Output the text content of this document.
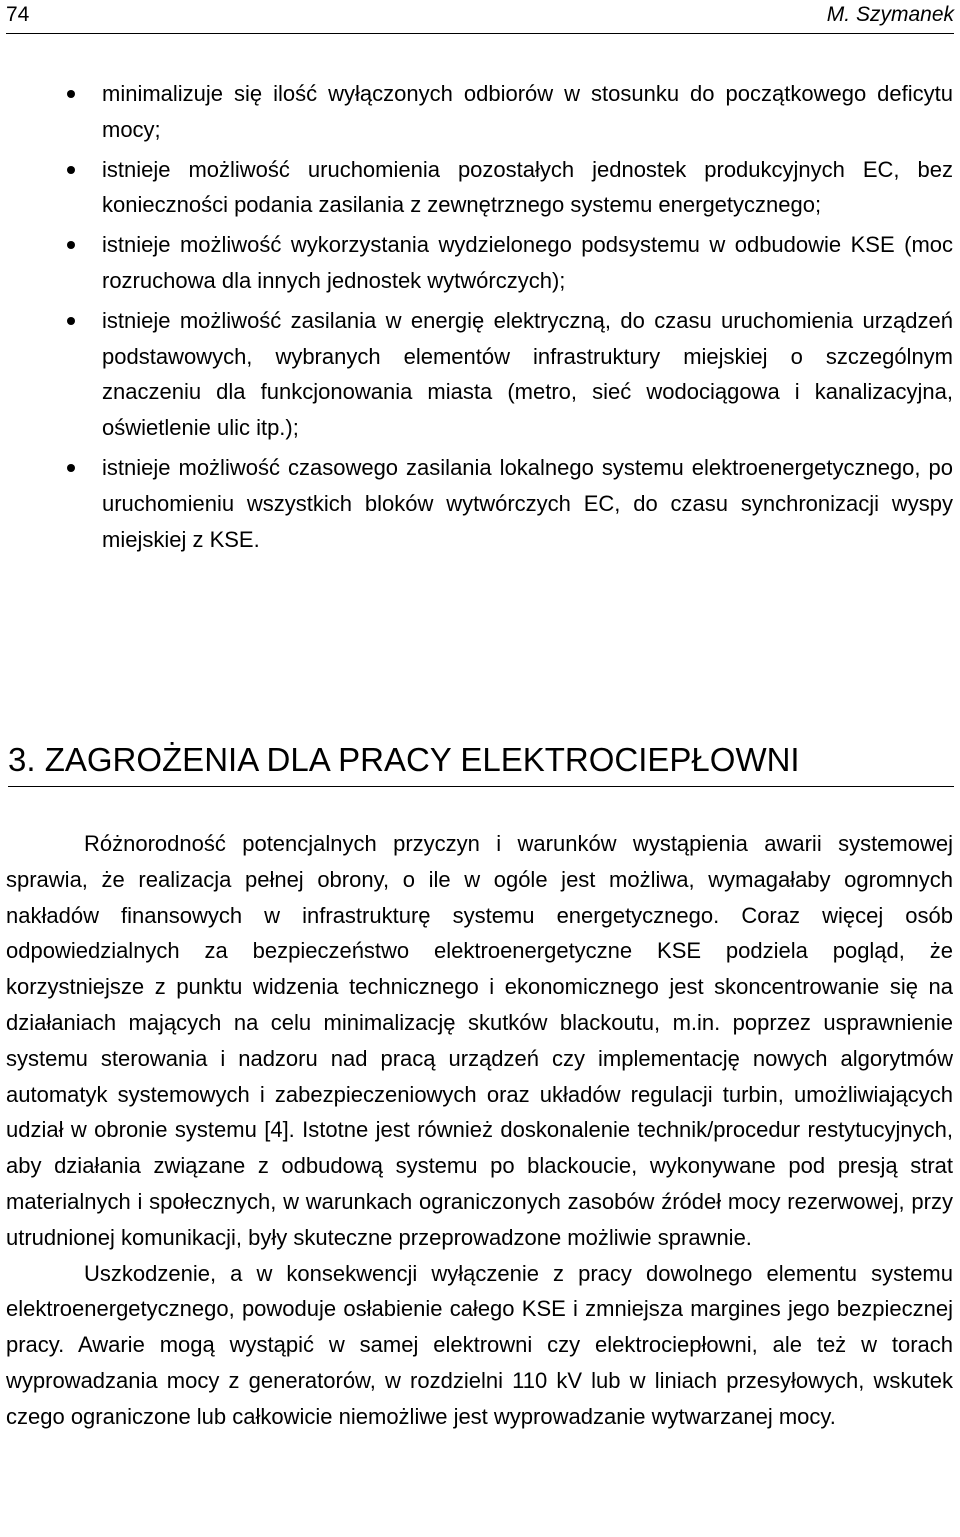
74	M. Szymanek
minimalizuje się ilość wyłączonych odbiorów w stosunku do początkowego deficytu mocy;
istnieje możliwość uruchomienia pozostałych jednostek produkcyjnych EC, bez konieczności podania zasilania z zewnętrznego systemu energetycznego;
istnieje możliwość wykorzystania wydzielonego podsystemu w odbudowie KSE (moc rozruchowa dla innych jednostek wytwórczych);
istnieje możliwość zasilania w energię elektryczną, do czasu uruchomienia urządzeń podstawowych, wybranych elementów infrastruktury miejskiej o szczególnym znaczeniu dla funkcjonowania miasta (metro, sieć wodociągowa i kanalizacyjna, oświetlenie ulic itp.);
istnieje możliwość czasowego zasilania lokalnego systemu elektroenergetycznego, po uruchomieniu wszystkich bloków wytwórczych EC, do czasu synchronizacji wyspy miejskiej z KSE.
3. ZAGROŻENIA DLA PRACY ELEKTROCIEPŁOWNI

Różnorodność potencjalnych przyczyn i warunków wystąpienia awarii systemowej sprawia, że realizacja pełnej obrony, o ile w ogóle jest możliwa, wymagałaby ogromnych nakładów finansowych w infrastrukturę systemu energetycznego. Coraz więcej osób odpowiedzialnych za bezpieczeństwo elektroenergetyczne KSE podziela pogląd, że korzystniejsze z punktu widzenia technicznego i ekonomicznego jest skoncentrowanie się na działaniach mających na celu minimalizację skutków blackoutu, m.in. poprzez usprawnienie systemu sterowania i nadzoru nad pracą urządzeń czy implementację nowych algorytmów automatyk systemowych i zabezpieczeniowych oraz układów regulacji turbin, umożliwiających udział w obronie systemu [4]. Istotne jest również doskonalenie technik/procedur restytucyjnych, aby działania związane z odbudową systemu po blackoucie, wykonywane pod presją strat materialnych i społecznych, w warunkach ograniczonych zasobów źródeł mocy rezerwowej, przy utrudnionej komunikacji, były skuteczne przeprowadzone możliwie sprawnie.

Uszkodzenie, a w konsekwencji wyłączenie z pracy dowolnego elementu systemu elektroenergetycznego, powoduje osłabienie całego KSE i zmniejsza margines jego bezpiecznej pracy. Awarie mogą wystąpić w samej elektrowni czy elektrociepłowni, ale też w torach wyprowadzania mocy z generatorów, w rozdzielni 110 kV lub w liniach przesyłowych, wskutek czego ograniczone lub całkowicie niemożliwe jest wyprowadzanie wytwarzanej mocy.
